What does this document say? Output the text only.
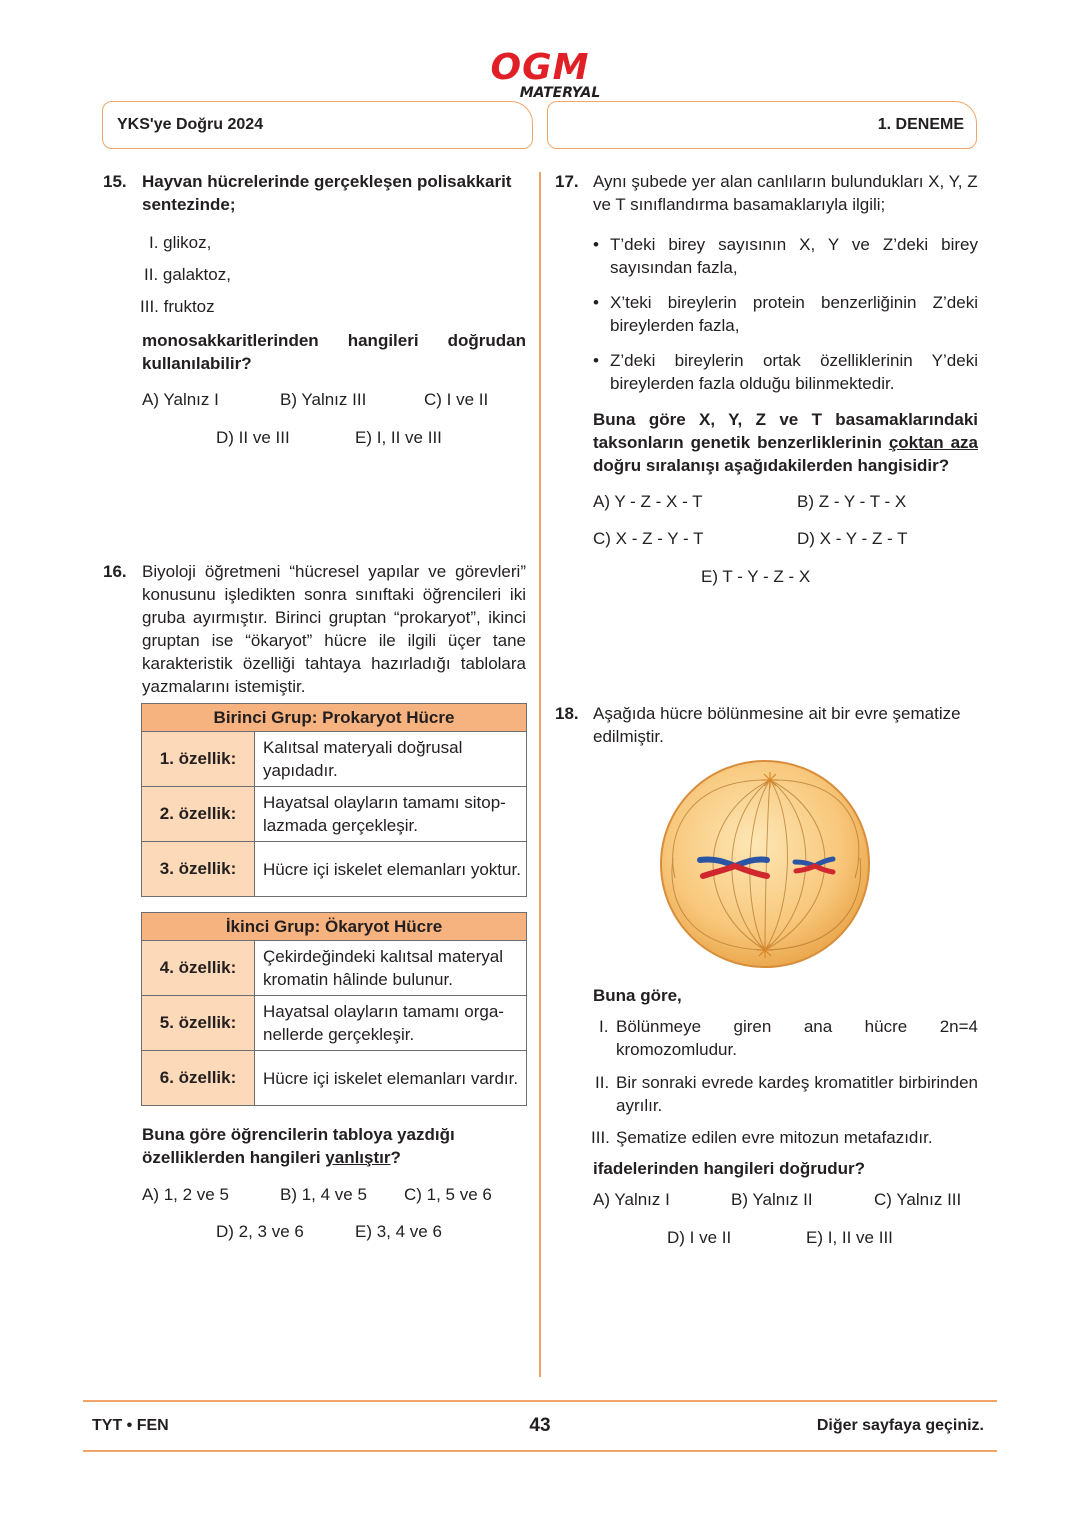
OGM
MATERYAL
YKS'ye Doğru 2024	1. DENEME
15. Hayvan hücrelerinde gerçekleşen polisakkarit sentezinde;
I. glikoz,
II. galaktoz,
III. fruktoz
monosakkaritlerinden hangileri doğrudan kullanılabilir?
A) Yalnız I	B) Yalnız III	C) I ve II
D) II ve III	E) I, II ve III
16. Biyoloji öğretmeni “hücresel yapılar ve görevleri” konusunu işledikten sonra sınıftaki öğrencileri iki gruba ayırmıştır. Birinci gruptan “prokaryot”, ikinci gruptan ise “ökaryot” hücre ile ilgili üçer tane karakteristik özelliği tahtaya hazırladığı tablolara yazmalarını istemiştir.
Birinci Grup: Prokaryot Hücre	
1. özellik:	Kalıtsal materyali doğrusal
yapıdadır.
2. özellik:	Hayatsal olayların tamamı sitop-
lazmada gerçekleşir.
3. özellik:	Hücre içi iskelet elemanları yoktur.
İkinci Grup: Ökaryot Hücre	
4. özellik:	Çekirdeğindeki kalıtsal materyal
kromatin hâlinde bulunur.
5. özellik:	Hayatsal olayların tamamı orga-
nellerde gerçekleşir.
6. özellik:	Hücre içi iskelet elemanları vardır.
Buna göre öğrencilerin tabloya yazdığı özelliklerden hangileri yanlıştır?
A) 1, 2 ve 5	B) 1, 4 ve 5 C) 1, 5 ve 6
D) 2, 3 ve 6	E) 3, 4 ve 6
17. Aynı şubede yer alan canlıların bulundukları X, Y, Z ve T sınıflandırma basamaklarıyla ilgili;
• T’deki birey sayısının X, Y ve Z’deki birey sayısından fazla,
• X’teki bireylerin protein benzerliğinin Z’deki bireylerden fazla,
• Z’deki bireylerin ortak özelliklerinin Y’deki bireylerden fazla olduğu bilinmektedir.
Buna göre X, Y, Z ve T basamaklarındaki taksonların genetik benzerliklerinin çoktan aza doğru sıralanışı aşağıdakilerden hangisidir?
A) Y - Z - X - T	B) Z - Y - T - X
C) X - Z - Y - T	D) X - Y - Z - T
E) T - Y - Z - X
18. Aşağıda hücre bölünmesine ait bir evre şematize edilmiştir.
Buna göre,
I. Bölünmeye giren ana hücre 2n=4 kromozomludur.
II. Bir sonraki evrede kardeş kromatitler birbirinden ayrılır.
III. Şematize edilen evre mitozun metafazıdır.
ifadelerinden hangileri doğrudur?
A) Yalnız I	B) Yalnız II	C) Yalnız III
D) I ve II	E) I, II ve III
TYT • FEN	43	Diğer sayfaya geçiniz.
